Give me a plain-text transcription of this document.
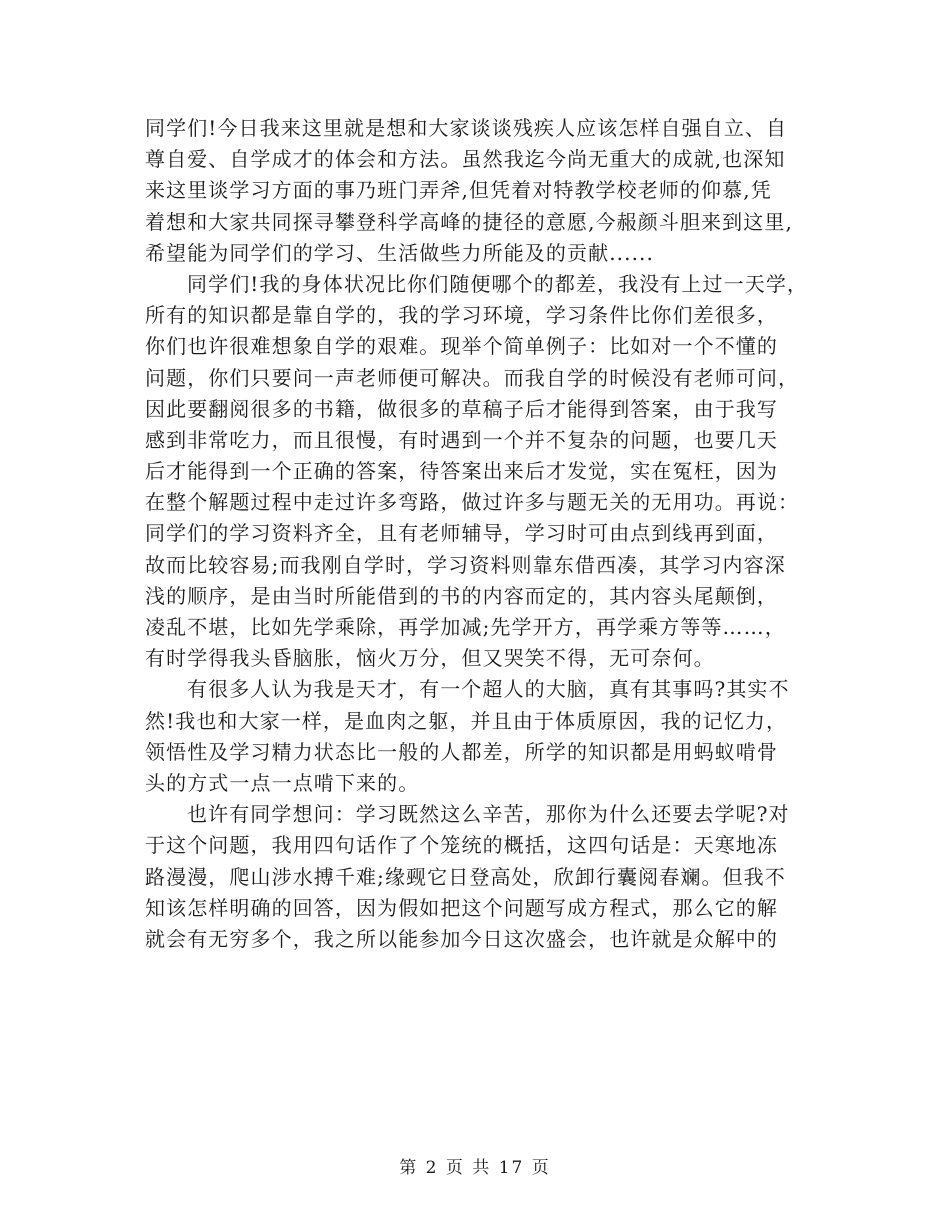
同学们!今日我来这里就是想和大家谈谈残疾人应该怎样自强自立、自
尊自爱、自学成才的体会和方法。虽然我迄今尚无重大的成就,也深知
来这里谈学习方面的事乃班门弄斧,但凭着对特教学校老师的仰慕,凭
着想和大家共同探寻攀登科学高峰的捷径的意愿,今赧颜斗胆来到这里,
希望能为同学们的学习、生活做些力所能及的贡献......
同学们!我的身体状况比你们随便哪个的都差，我没有上过一天学，
所有的知识都是靠自学的，我的学习环境，学习条件比你们差很多，
你们也许很难想象自学的艰难。现举个简单例子：比如对一个不懂的
问题，你们只要问一声老师便可解决。而我自学的时候没有老师可问，
因此要翻阅很多的书籍，做很多的草稿子后才能得到答案，由于我写
感到非常吃力，而且很慢，有时遇到一个并不复杂的问题，也要几天
后才能得到一个正确的答案，待答案出来后才发觉，实在冤枉，因为
在整个解题过程中走过许多弯路，做过许多与题无关的无用功。再说：
同学们的学习资料齐全，且有老师辅导，学习时可由点到线再到面，
故而比较容易;而我刚自学时，学习资料则靠东借西凑，其学习内容深
浅的顺序，是由当时所能借到的书的内容而定的，其内容头尾颠倒，
凌乱不堪，比如先学乘除，再学加减;先学开方，再学乘方等等……，
有时学得我头昏脑胀，恼火万分，但又哭笑不得，无可奈何。
有很多人认为我是天才，有一个超人的大脑，真有其事吗?其实不
然!我也和大家一样，是血肉之躯，并且由于体质原因，我的记忆力，
领悟性及学习精力状态比一般的人都差，所学的知识都是用蚂蚁啃骨
头的方式一点一点啃下来的。
也许有同学想问：学习既然这么辛苦，那你为什么还要去学呢?对
于这个问题，我用四句话作了个笼统的概括，这四句话是：天寒地冻
路漫漫，爬山涉水搏千难;缘觋它日登高处，欣卸行囊阅春斓。但我不
知该怎样明确的回答，因为假如把这个问题写成方程式，那么它的解
就会有无穷多个，我之所以能参加今日这次盛会，也许就是众解中的
第 2 页 共 17 页
